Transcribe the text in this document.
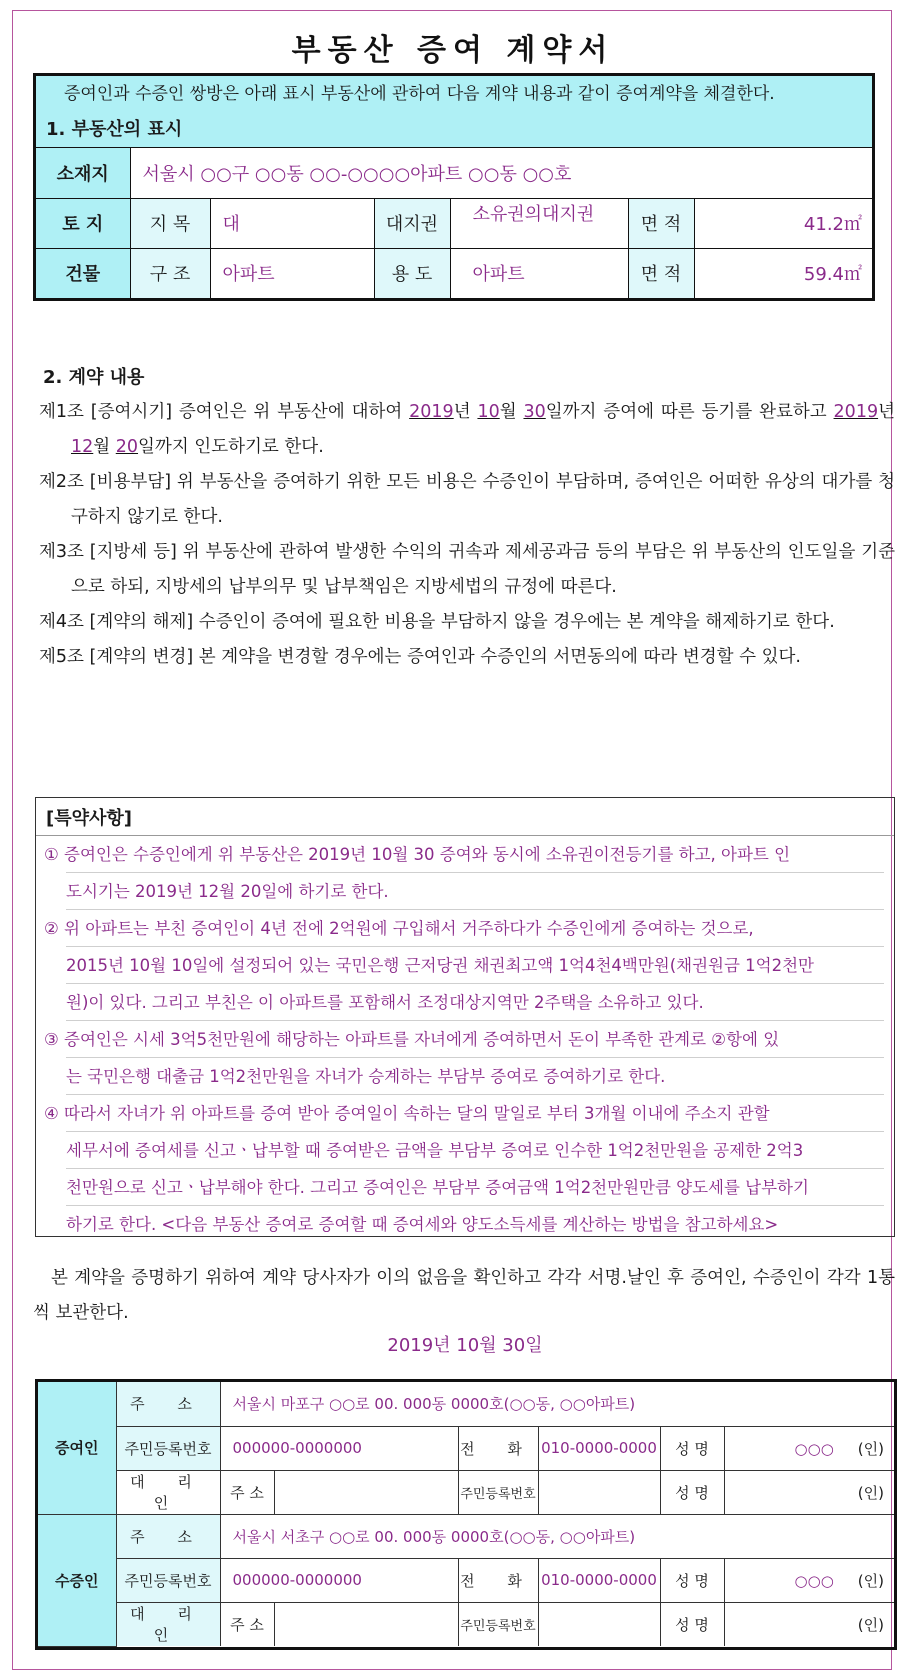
부동산 증여 계약서

증여인과 수증인 쌍방은 아래 표시 부동산에 관하여 다음 계약 내용과 같이 증여계약을 체결한다.

1. 부동산의 표시
소재지	서울시 ○○구 ○○동 ○○-○○○○아파트 ○○동 ○○호					
토 지	지 목	대	대지권	소유권의대지권	면 적	41.2㎡
건물	구 조	아파트	용 도	아파트	면 적	59.4㎡
2. 계약 내용
제1조 [증여시기] 증여인은 위 부동산에 대하여 2019년 10월 30일까지 증여에 따른 등기를 완료하고 2019년 12월 20일까지 인도하기로 한다.
제2조 [비용부담] 위 부동산을 증여하기 위한 모든 비용은 수증인이 부담하며, 증여인은 어떠한 유상의 대가를 청구하지 않기로 한다.
제3조 [지방세 등] 위 부동산에 관하여 발생한 수익의 귀속과 제세공과금 등의 부담은 위 부동산의 인도일을 기준으로 하되, 지방세의 납부의무 및 납부책임은 지방세법의 규정에 따른다.
제4조 [계약의 해제] 수증인이 증여에 필요한 비용을 부담하지 않을 경우에는 본 계약을 해제하기로 한다.
제5조 [계약의 변경] 본 계약을 변경할 경우에는 증여인과 수증인의 서면동의에 따라 변경할 수 있다.
[특약사항]
① 증여인은 수증인에게 위 부동산은 2019년 10월 30 증여와 동시에 소유권이전등기를 하고, 아파트 인
도시기는 2019년 12월 20일에 하기로 한다.
② 위 아파트는 부친 증여인이 4년 전에 2억원에 구입해서 거주하다가 수증인에게 증여하는 것으로,
2015년 10월 10일에 설정되어 있는 국민은행 근저당권 채권최고액 1억4천4백만원(채권원금 1억2천만
원)이 있다. 그리고 부친은 이 아파트를 포함해서 조정대상지역만 2주택을 소유하고 있다.
③ 증여인은 시세 3억5천만원에 해당하는 아파트를 자녀에게 증여하면서 돈이 부족한 관계로 ②항에 있
는 국민은행 대출금 1억2천만원을 자녀가 승계하는 부담부 증여로 증여하기로 한다.
④ 따라서 자녀가 위 아파트를 증여 받아 증여일이 속하는 달의 말일로 부터 3개월 이내에 주소지 관할
세무서에 증여세를 신고ㆍ납부할 때 증여받은 금액을 부담부 증여로 인수한 1억2천만원을 공제한 2억3
천만원으로 신고ㆍ납부해야 한다. 그리고 증여인은 부담부 증여금액 1억2천만원만큼 양도세를 납부하기
하기로 한다. <다음 부동산 증여로 증여할 때 증여세와 양도소득세를 계산하는 방법을 참고하세요>
본 계약을 증명하기 위하여 계약 당사자가 이의 없음을 확인하고 각각 서명.날인 후 증여인, 수증인이 각각 1통씩 보관한다.
2019년 10월 30일
증여인	주 소	서울시 마포구 ○○로 00. 000동 0000호(○○동, ○○아파트)					
	주민등록번호	000000-0000000		전 화	010-0000-0000	성 명	○○○ (인)
	대 리 인	주 소		주민등록번호		성 명	(인)
수증인	주 소	서울시 서초구 ○○로 00. 000동 0000호(○○동, ○○아파트)					
	주민등록번호	000000-0000000		전 화	010-0000-0000	성 명	○○○ (인)
	대 리 인	주 소		주민등록번호		성 명	(인)
